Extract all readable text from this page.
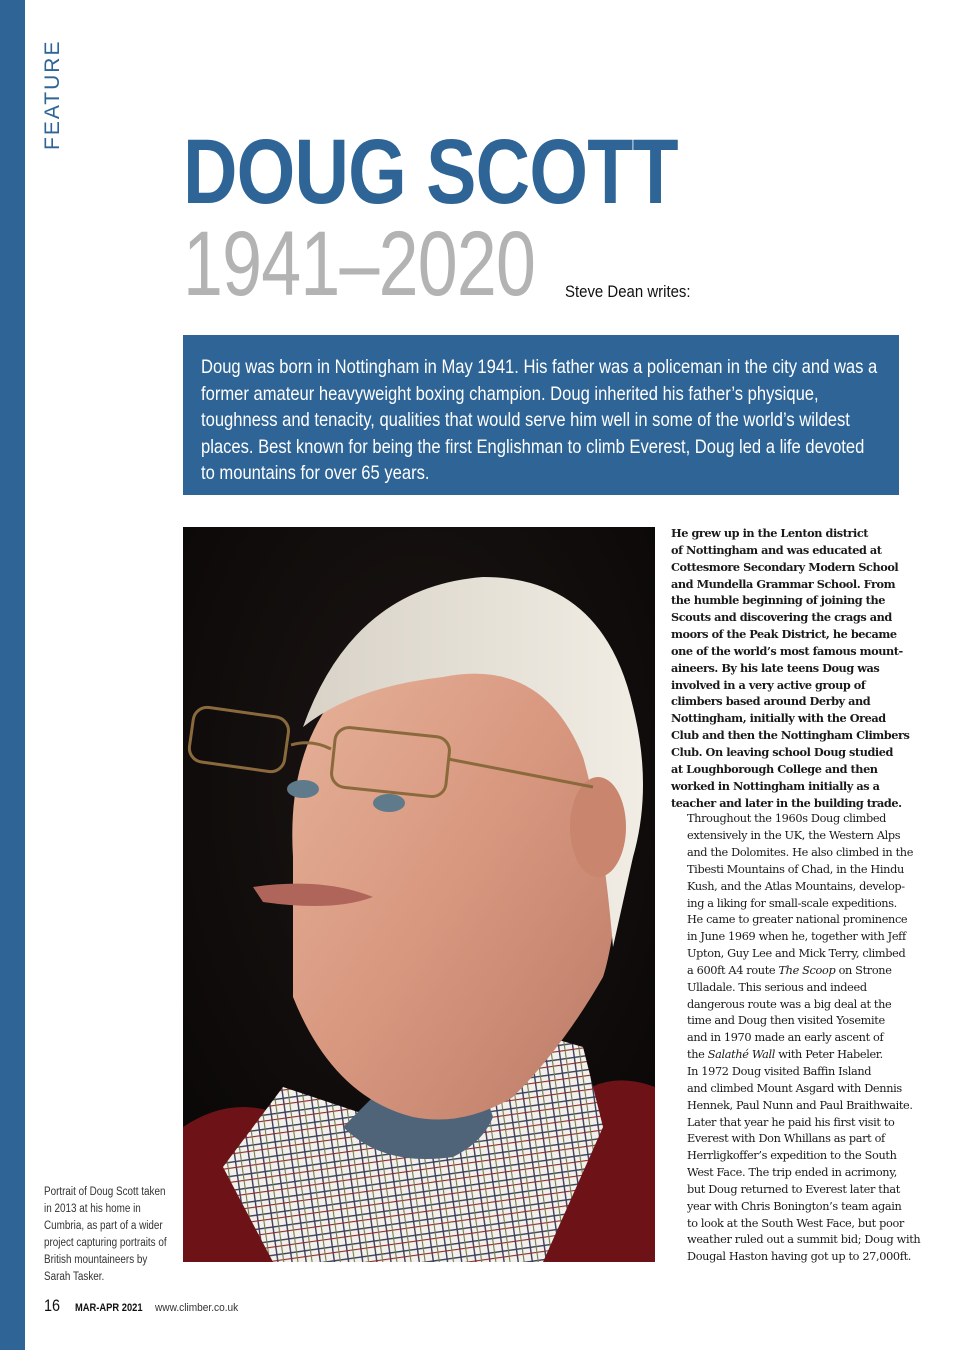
FEATURE
DOUG SCOTT
1941–2020 Steve Dean writes:

Doug was born in Nottingham in May 1941. His father was a policeman in the city and was a former amateur heavyweight boxing champion. Doug inherited his father’s physique, toughness and tenacity, qualities that would serve him well in some of the world’s wildest places. Best known for being the first Englishman to climb Everest, Doug led a life devoted to mountains for over 65 years.

Portrait of Doug Scott taken in 2013 at his home in Cumbria, as part of a wider project capturing portraits of British mountaineers by Sarah Tasker.

He grew up in the Lenton district
of Nottingham and was educated at
Cottesmore Secondary Modern School
and Mundella Grammar School. From
the humble beginning of joining the
Scouts and discovering the crags and
moors of the Peak District, he became
one of the world’s most famous mount-
aineers. By his late teens Doug was
involved in a very active group of
climbers based around Derby and
Nottingham, initially with the Oread
Club and then the Nottingham Climbers
Club. On leaving school Doug studied
at Loughborough College and then
worked in Nottingham initially as a
teacher and later in the building trade.

Throughout the 1960s Doug climbed
extensively in the UK, the Western Alps
and the Dolomites. He also climbed in the
Tibesti Mountains of Chad, in the Hindu
Kush, and the Atlas Mountains, develop-
ing a liking for small-scale expeditions.
He came to greater national prominence
in June 1969 when he, together with Jeff
Upton, Guy Lee and Mick Terry, climbed
a 600ft A4 route The Scoop on Strone
Ulladale. This serious and indeed
dangerous route was a big deal at the
time and Doug then visited Yosemite
and in 1970 made an early ascent of
the Salathé Wall with Peter Habeler.

In 1972 Doug visited Baffin Island
and climbed Mount Asgard with Dennis
Hennek, Paul Nunn and Paul Braithwaite.
Later that year he paid his first visit to
Everest with Don Whillans as part of
Herrligkoffer’s expedition to the South
West Face. The trip ended in acrimony,
but Doug returned to Everest later that
year with Chris Bonington’s team again
to look at the South West Face, but poor
weather ruled out a summit bid; Doug with
Dougal Haston having got up to 27,000ft.

16 MAR-APR 2021 www.climber.co.uk
